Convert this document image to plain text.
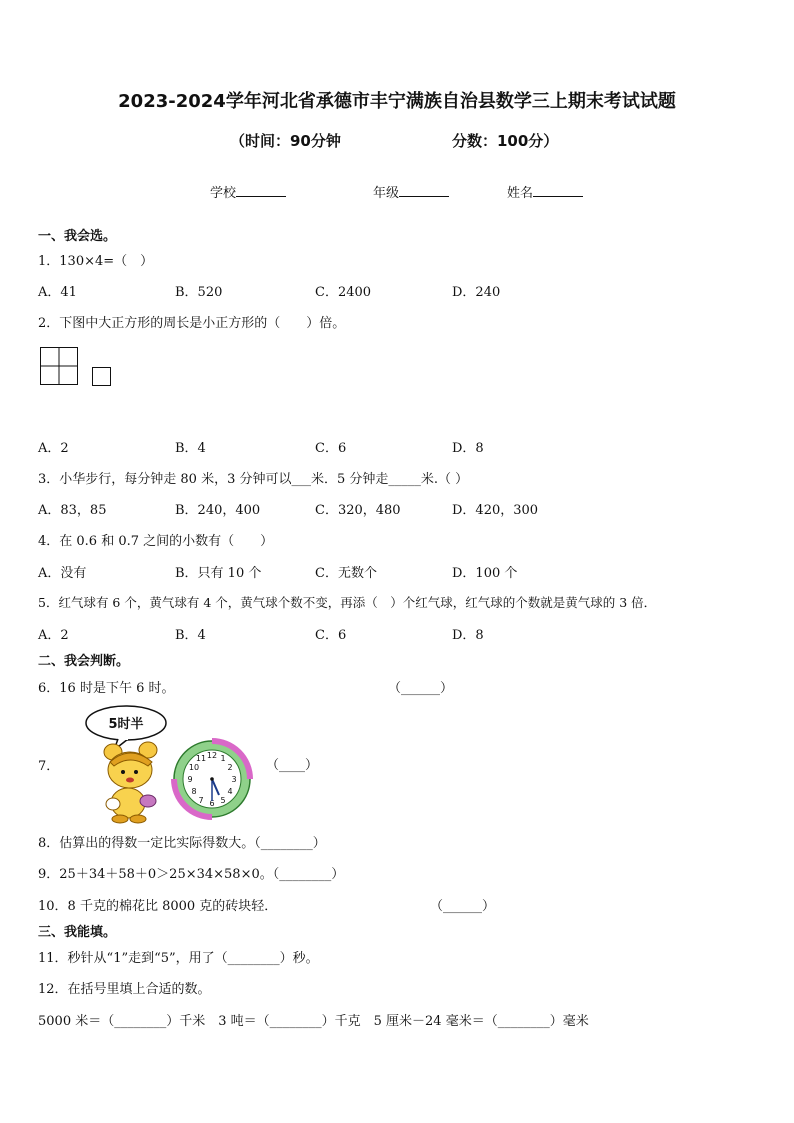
2023-2024学年河北省承德市丰宁满族自治县数学三上期末考试试题
（时间：90分钟	分数：100分）
学校	年级	姓名
一、我会选。
1．130×4=（　）
A．41	B．520	C．2400	D．240
2．下图中大正方形的周长是小正方形的（　　）倍。
A．2	B．4	C．6	D．8
3．小华步行，每分钟走 80 米，3 分钟可以___米．5 分钟走_____米.（ ）
A．83，85	B．240，400	C．320，480	D．420，300
4．在 0.6 和 0.7 之间的小数有（　　）
A．没有	B．只有 10 个	C．无数个	D．100 个
5．红气球有 6 个，黄气球有 4 个，黄气球个数不变，再添（　）个红气球，红气球的个数就是黄气球的 3 倍．
A．2	B．4	C．6	D．8
二、我会判断。
6．16 时是下午 6 时。	（______）
7．
5时半
12 1
2
3
4
5
6
7
8
9
10
11	（____）
8．估算出的得数一定比实际得数大。（________）
9．25＋34＋58＋0＞25×34×58×0。（________）
10．8 千克的棉花比 8000 克的砖块轻．	（______）
三、我能填。
11．秒针从“1”走到“5”，用了（________）秒。
12．在括号里填上合适的数。
5000 米＝（________）千米　3 吨＝（________）千克　5 厘米－24 毫米＝（________）毫米
